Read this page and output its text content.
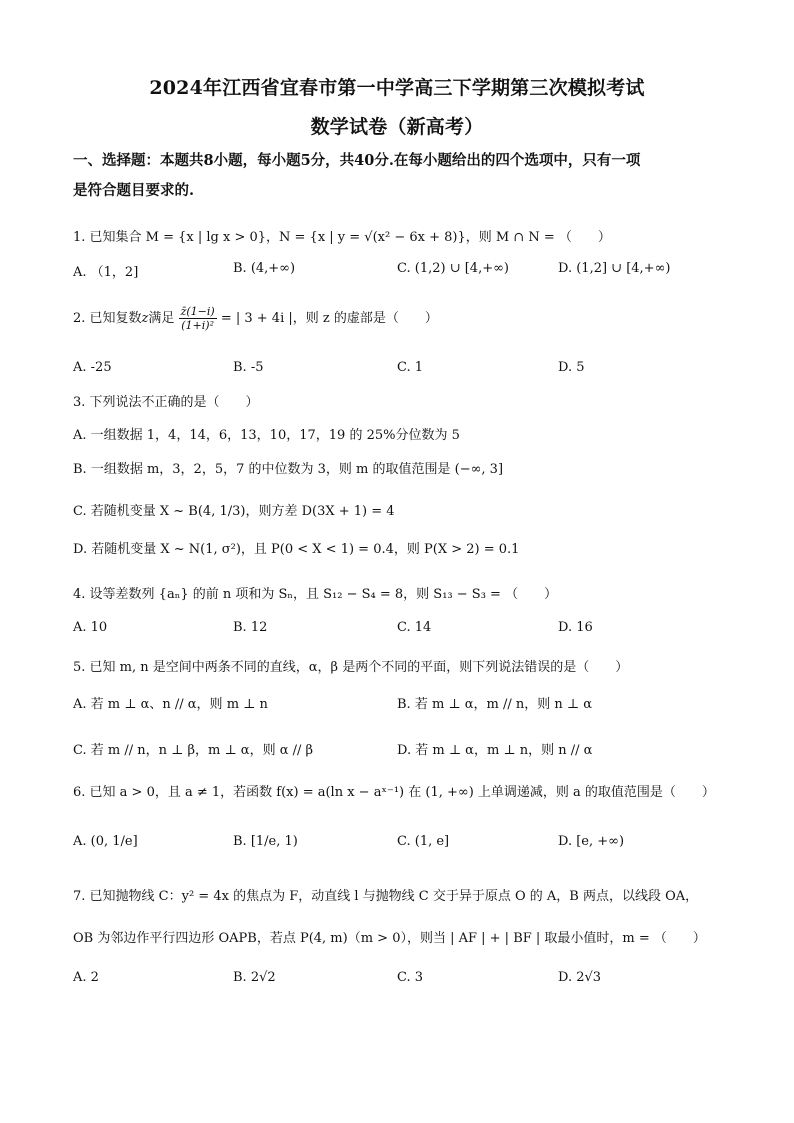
2024年江西省宜春市第一中学高三下学期第三次模拟考试
数学试卷（新高考）
一、选择题：本题共8小题，每小题5分，共40分.在每小题给出的四个选项中，只有一项
是符合题目要求的.
1. 已知集合 M = {x | lg x > 0}，N = {x | y = √(x² − 6x + 8)}，则 M ∩ N = （　　）
A. （1，2]	B. (4,+∞)	C. (1,2) ∪ [4,+∞)	D. (1,2] ∪ [4,+∞)
2. 已知复数z满足 $\frac{z̄(1-i)}{\text{(1+i)²}}$ = | 3 + 4i |，则 z 的虚部是（　　）
A. -25	B. -5	C. 1	D. 5
3. 下列说法不正确的是（　　）
A. 一组数据 1，4，14，6，13，10，17，19 的 25%分位数为 5
B. 一组数据 m，3，2，5，7 的中位数为 3，则 m 的取值范围是 (−∞, 3]
C. 若随机变量 X ~ B(4, 1/3)，则方差 D(3X + 1) = 4
D. 若随机变量 X ~ N(1, σ²)，且 P(0 < X < 1) = 0.4，则 P(X > 2) = 0.1
4. 设等差数列 {aₙ} 的前 n 项和为 Sₙ，且 S₁₂ − S₄ = 8，则 S₁₃ − S₃ = （　　）
A. 10	B. 12	C. 14	D. 16
5. 已知 m, n 是空间中两条不同的直线，α，β 是两个不同的平面，则下列说法错误的是（　　）
A. 若 m ⊥ α、n // α，则 m ⊥ n	B. 若 m ⊥ α，m // n，则 n ⊥ α
C. 若 m // n，n ⊥ β，m ⊥ α，则 α // β	D. 若 m ⊥ α，m ⊥ n，则 n // α
6. 已知 a > 0，且 a ≠ 1，若函数 f(x) = a(ln x − aˣ⁻¹) 在 (1, +∞) 上单调递减，则 a 的取值范围是（　　）
A. (0, 1/e]	B. [1/e, 1)	C. (1, e]	D. [e, +∞)
7. 已知抛物线 C：y² = 4x 的焦点为 F，动直线 l 与抛物线 C 交于异于原点 O 的 A，B 两点，以线段 OA，
OB 为邻边作平行四边形 OAPB，若点 P(4, m)（m > 0），则当 | AF | + | BF | 取最小值时，m = （　　）
A. 2	B. 2√2	C. 3	D. 2√3
